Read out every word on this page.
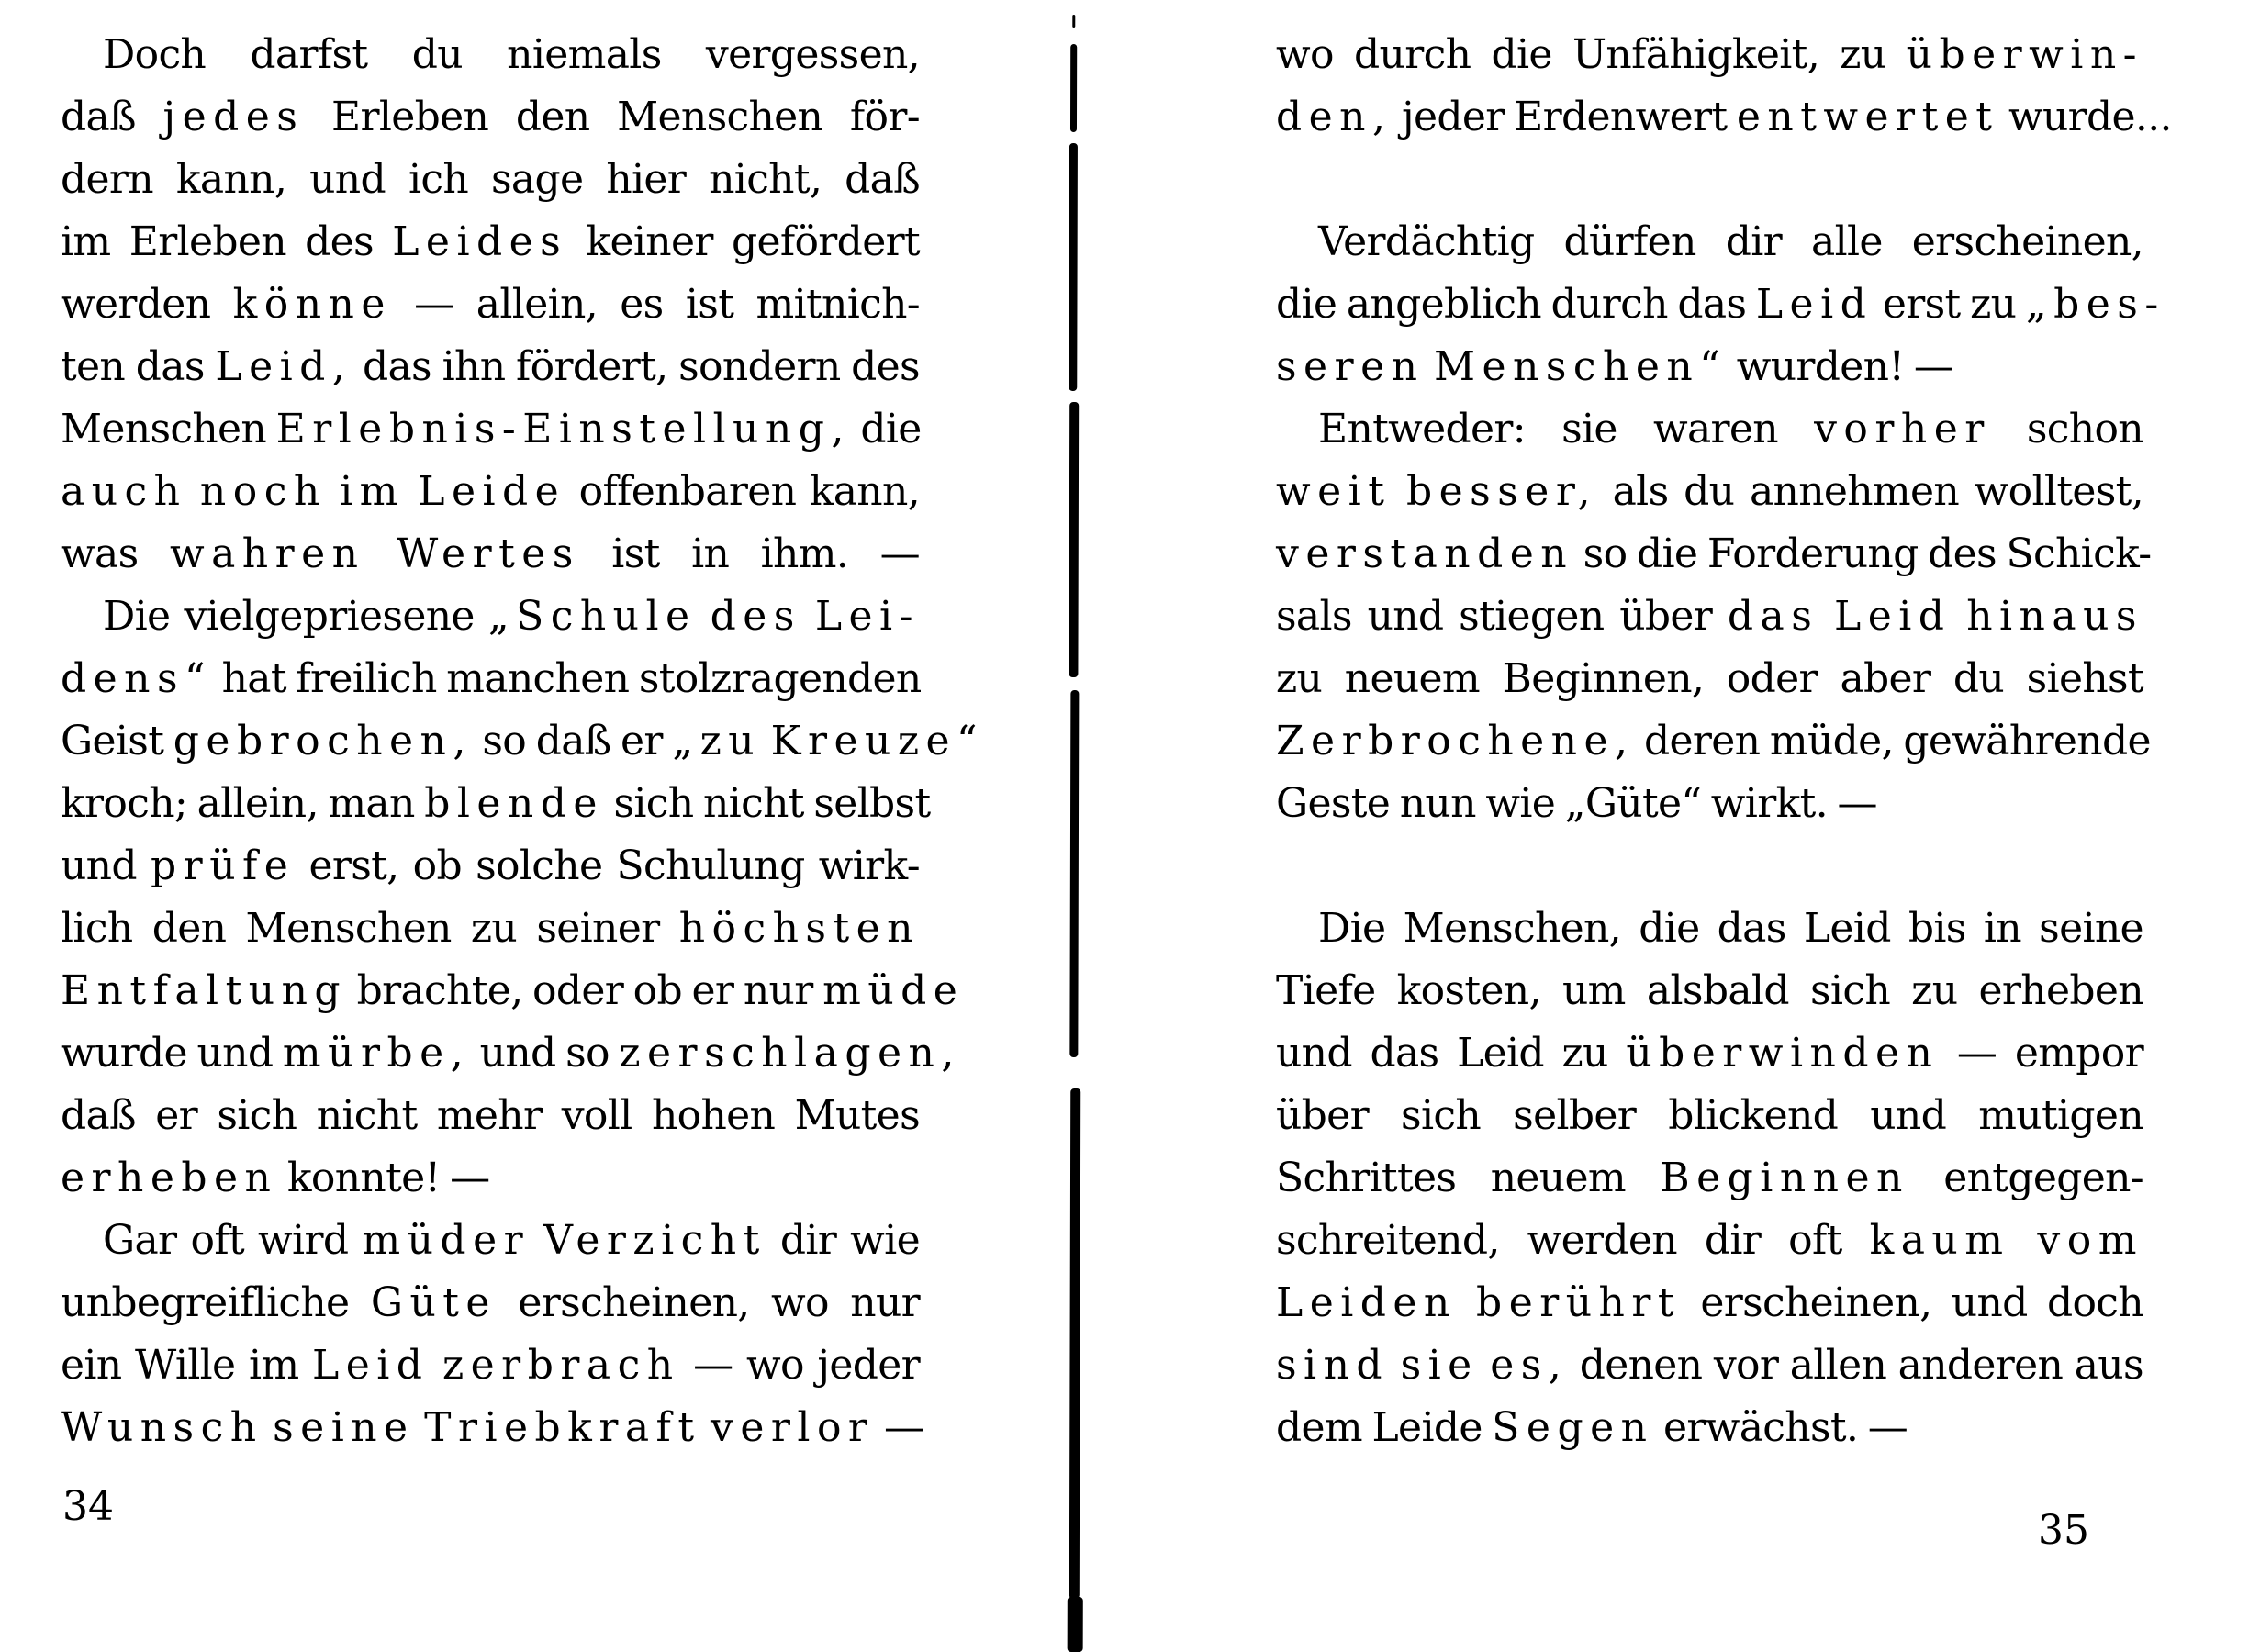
Doch darfst du niemals vergessen,
daß jedes Erleben den Menschen för-
dern kann, und ich sage hier nicht, daß
im Erleben des Leides keiner gefördert
werden könne — allein, es ist mitnich-
ten das Leid, das ihn fördert, sondern des
Menschen Erlebnis-Einstellung, die
auch noch im Leide offenbaren kann,
was wahren Wertes ist in ihm. —
Die vielgepriesene „Schule des Lei-
dens“ hat freilich manchen stolzragenden
Geist gebrochen, so daß er „zu Kreuze“
kroch; allein, man blende sich nicht selbst
und prüfe erst, ob solche Schulung wirk-
lich den Menschen zu seiner höchsten
Entfaltung brachte, oder ob er nur müde
wurde und mürbe, und so zerschlagen,
daß er sich nicht mehr voll hohen Mutes
erheben konnte! —
Gar oft wird müder Verzicht dir wie
unbegreifliche Güte erscheinen, wo nur
ein Wille im Leid zerbrach — wo jeder
Wunsch seine Triebkraft verlor —
wo durch die Unfähigkeit, zu überwin-
den, jeder Erdenwert entwertet wurde...
Verdächtig dürfen dir alle erscheinen,
die angeblich durch das Leid erst zu „bes-
seren Menschen“ wurden! —
Entweder: sie waren vorher schon
weit besser, als du annehmen wolltest,
verstanden so die Forderung des Schick-
sals und stiegen über das Leid hinaus
zu neuem Beginnen, oder aber du siehst
Zerbrochene, deren müde, gewährende
Geste nun wie „Güte“ wirkt. —
Die Menschen, die das Leid bis in seine
Tiefe kosten, um alsbald sich zu erheben
und das Leid zu überwinden — empor
über sich selber blickend und mutigen
Schrittes neuem Beginnen entgegen-
schreitend, werden dir oft kaum vom
Leiden berührt erscheinen, und doch
sind sie es, denen vor allen anderen aus
dem Leide Segen erwächst. —
34
35
